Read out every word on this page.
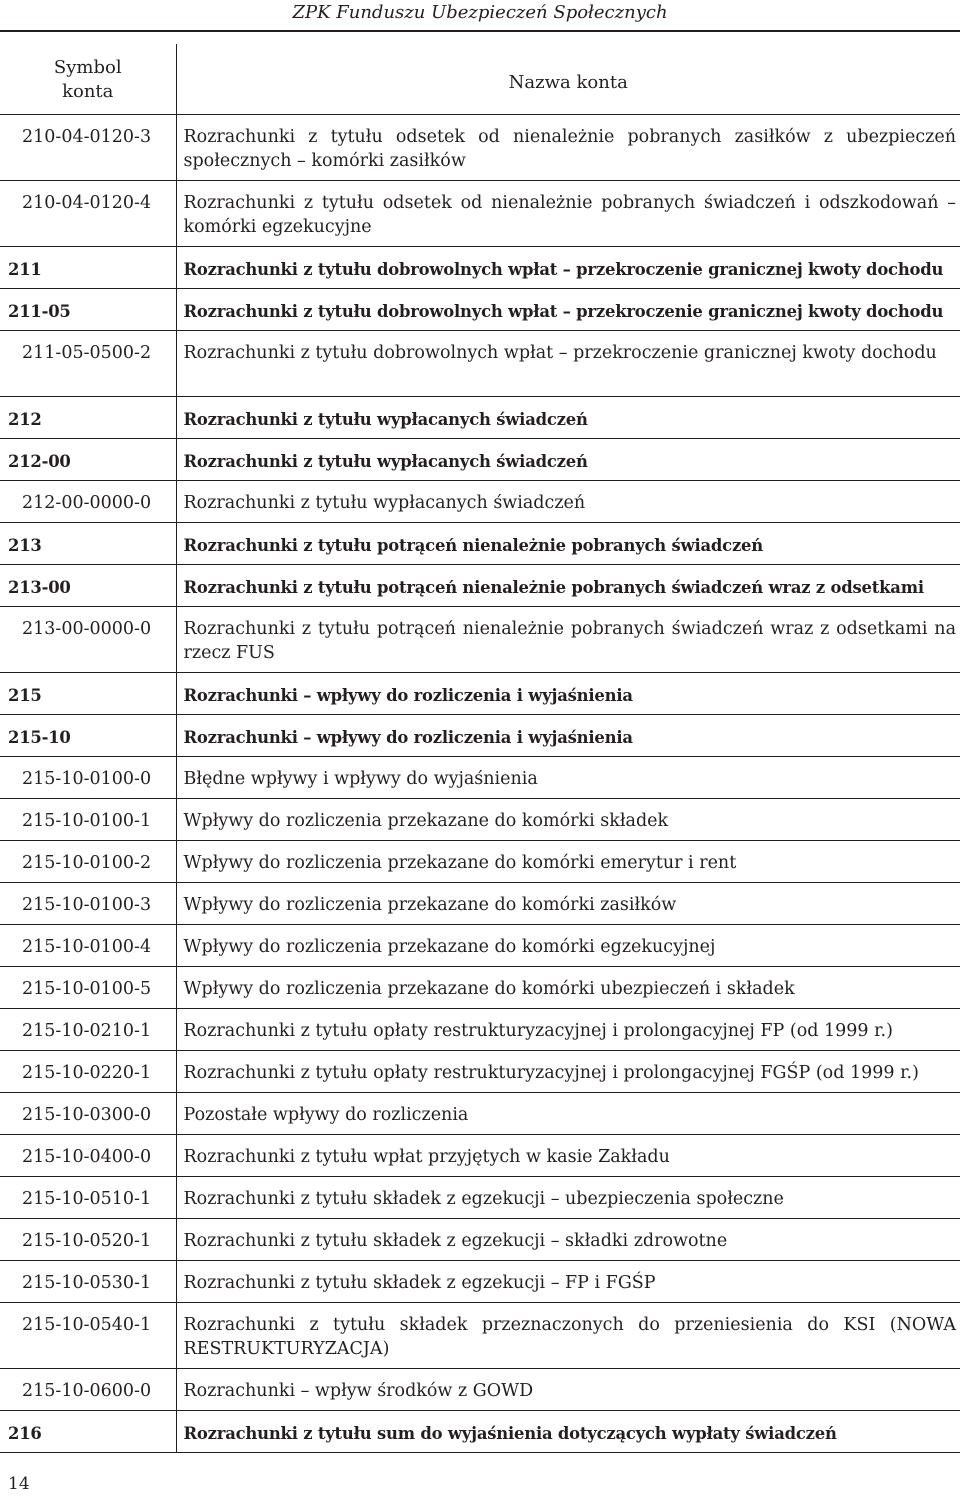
ZPK Funduszu Ubezpieczeń Społecznych
Symbol
konta	Nazwa konta
210-04-0120-3	Rozrachunki z tytułu odsetek od nienależnie pobranych zasiłków z ubezpieczeń społecznych – komórki zasiłków
210-04-0120-4	Rozrachunki z tytułu odsetek od nienależnie pobranych świadczeń i odszkodowań – komórki egzekucyjne
211	Rozrachunki z tytułu dobrowolnych wpłat – przekroczenie granicznej kwoty dochodu
211-05	Rozrachunki z tytułu dobrowolnych wpłat – przekroczenie granicznej kwoty dochodu
211-05-0500-2	Rozrachunki z tytułu dobrowolnych wpłat – przekroczenie granicznej kwoty dochodu
212	Rozrachunki z tytułu wypłacanych świadczeń
212-00	Rozrachunki z tytułu wypłacanych świadczeń
212-00-0000-0	Rozrachunki z tytułu wypłacanych świadczeń
213	Rozrachunki z tytułu potrąceń nienależnie pobranych świadczeń
213-00	Rozrachunki z tytułu potrąceń nienależnie pobranych świadczeń wraz z odsetkami
213-00-0000-0	Rozrachunki z tytułu potrąceń nienależnie pobranych świadczeń wraz z odsetkami na rzecz FUS
215	Rozrachunki – wpływy do rozliczenia i wyjaśnienia
215-10	Rozrachunki – wpływy do rozliczenia i wyjaśnienia
215-10-0100-0	Błędne wpływy i wpływy do wyjaśnienia
215-10-0100-1	Wpływy do rozliczenia przekazane do komórki składek
215-10-0100-2	Wpływy do rozliczenia przekazane do komórki emerytur i rent
215-10-0100-3	Wpływy do rozliczenia przekazane do komórki zasiłków
215-10-0100-4	Wpływy do rozliczenia przekazane do komórki egzekucyjnej
215-10-0100-5	Wpływy do rozliczenia przekazane do komórki ubezpieczeń i składek
215-10-0210-1	Rozrachunki z tytułu opłaty restrukturyzacyjnej i prolongacyjnej FP (od 1999 r.)
215-10-0220-1	Rozrachunki z tytułu opłaty restrukturyzacyjnej i prolongacyjnej FGŚP (od 1999 r.)
215-10-0300-0	Pozostałe wpływy do rozliczenia
215-10-0400-0	Rozrachunki z tytułu wpłat przyjętych w kasie Zakładu
215-10-0510-1	Rozrachunki z tytułu składek z egzekucji – ubezpieczenia społeczne
215-10-0520-1	Rozrachunki z tytułu składek z egzekucji – składki zdrowotne
215-10-0530-1	Rozrachunki z tytułu składek z egzekucji – FP i FGŚP
215-10-0540-1	Rozrachunki z tytułu składek przeznaczonych do przeniesienia do KSI (NOWA RESTRUKTURYZACJA)
215-10-0600-0	Rozrachunki – wpływ środków z GOWD
216	Rozrachunki z tytułu sum do wyjaśnienia dotyczących wypłaty świadczeń
14
